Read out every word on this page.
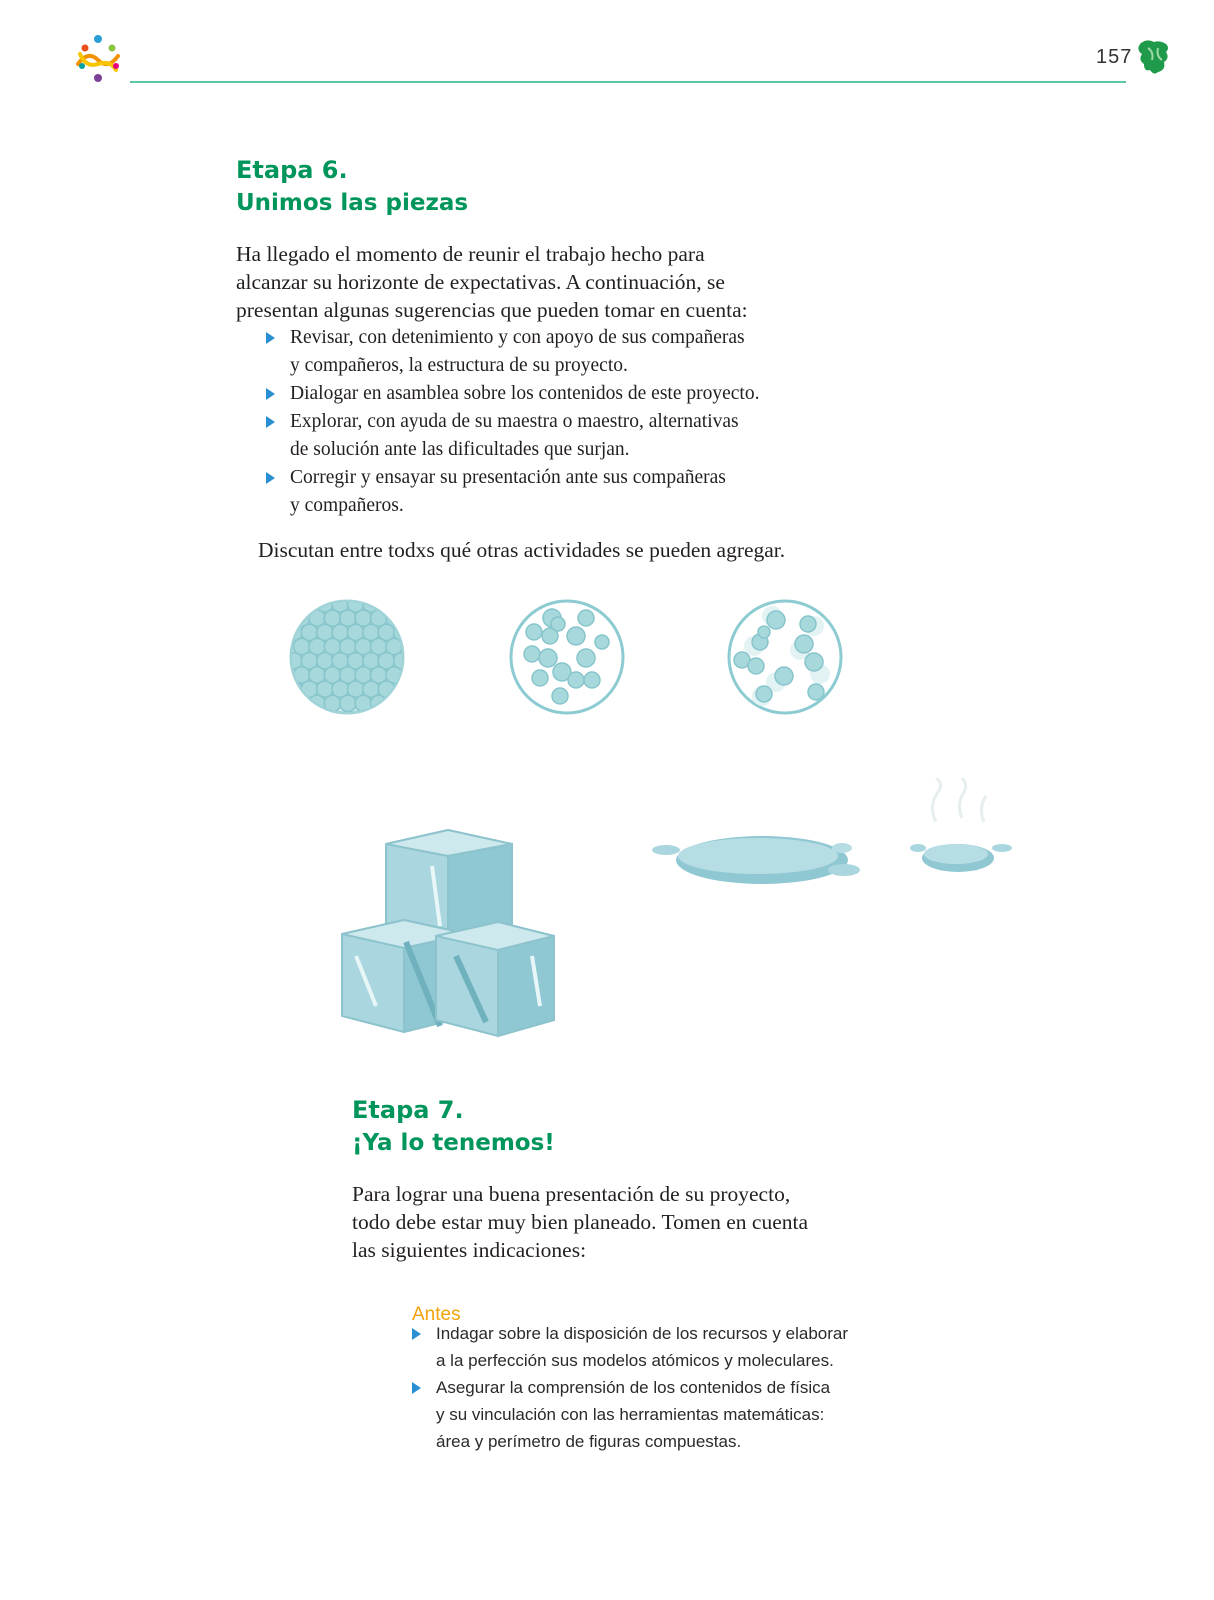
157
Etapa 6.
Unimos las piezas

Ha llegado el momento de reunir el trabajo hecho para
alcanzar su horizonte de expectativas. A continuación, se
presentan algunas sugerencias que pueden tomar en cuenta:

Revisar, con detenimiento y con apoyo de sus compañeras
y compañeros, la estructura de su proyecto.
Dialogar en asamblea sobre los contenidos de este proyecto.
Explorar, con ayuda de su maestra o maestro, alternativas
de solución ante las dificultades que surjan.
Corregir y ensayar su presentación ante sus compañeras
y compañeros.

Discutan entre todxs qué otras actividades se pueden agregar.

Etapa 7.
¡Ya lo tenemos!

Para lograr una buena presentación de su proyecto,
todo debe estar muy bien planeado. Tomen en cuenta
las siguientes indicaciones:

Antes

Indagar sobre la disposición de los recursos y elaborar
a la perfección sus modelos atómicos y moleculares.
Asegurar la comprensión de los contenidos de física
y su vinculación con las herramientas matemáticas:
área y perímetro de figuras compuestas.
